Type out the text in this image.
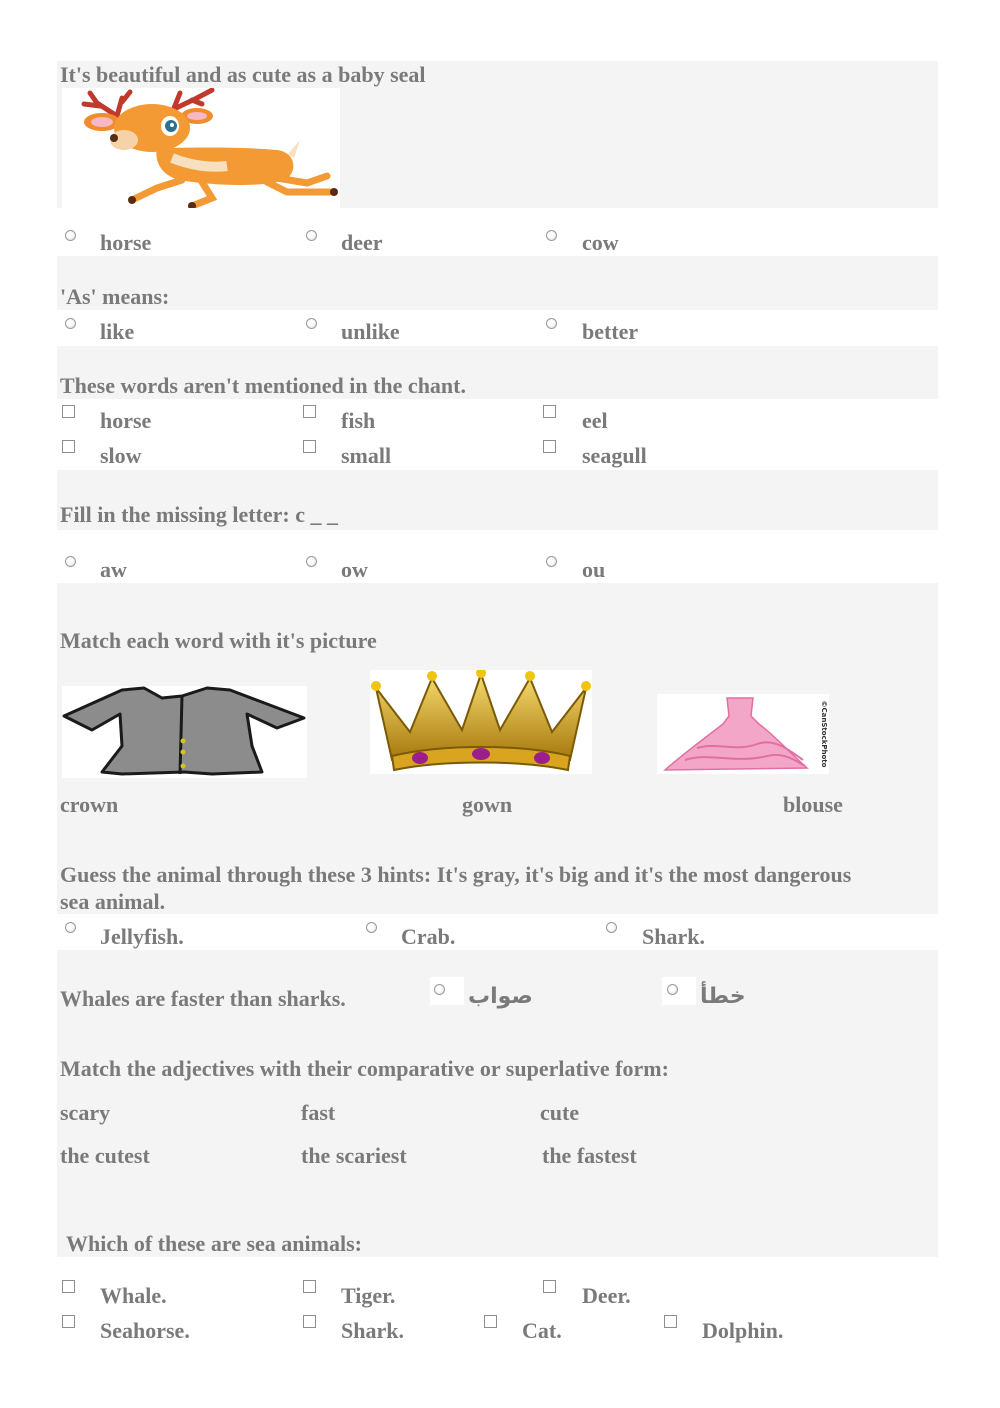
It's beautiful and as cute as a baby seal
horse	deer	cow
'As' means:
like	unlike	better
These words aren't mentioned in the chant.
horse	fish	eel
slow	small	seagull
Fill in the missing letter: c _ _
aw	ow	ou
Match each word with it's picture
©CanStockPhoto
crown	gown	blouse
Guess the animal through these 3 hints: It's gray, it's big and it's the most dangerous
sea animal.
Jellyfish.	Crab.	Shark.
Whales are faster than sharks.	صواب	خطأ
Match the adjectives with their comparative or superlative form:
scary	fast	cute
the cutest	the scariest	the fastest
Which of these are sea animals:
Whale.	Tiger.	Deer.
Seahorse.	Shark.	Cat.	Dolphin.
